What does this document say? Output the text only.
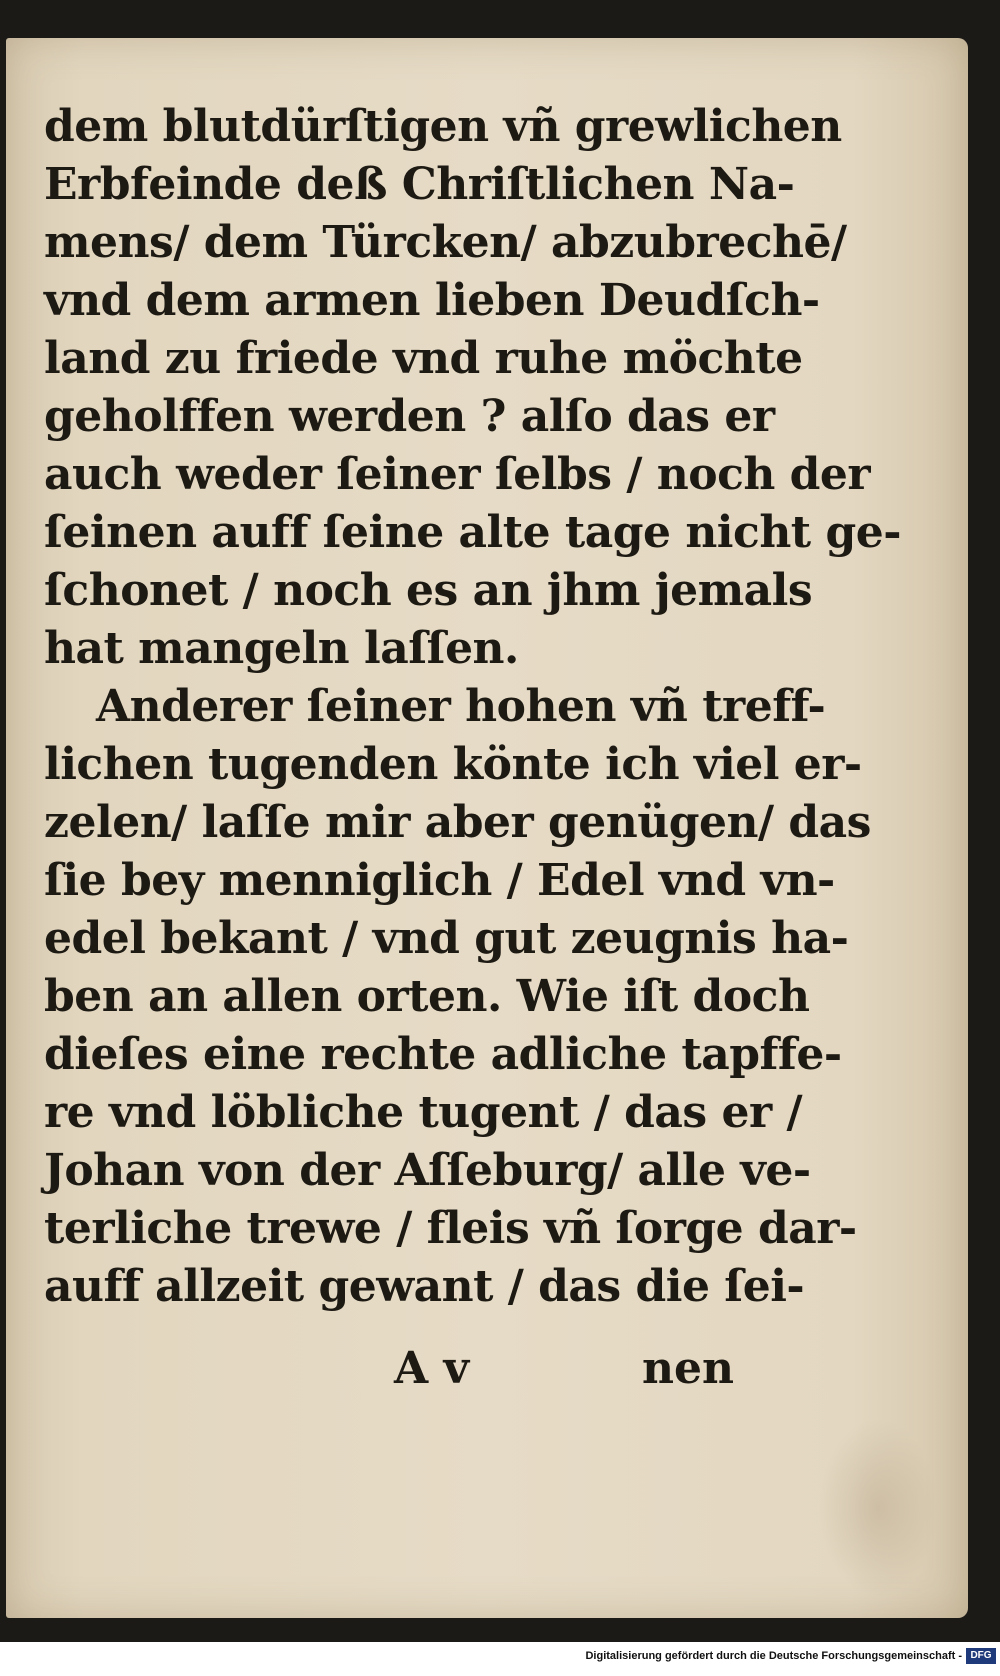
dem blutdürſtigen vñ grewlichen
Erbfeinde deß Chriſtlichen Na-
mens/ dem Türcken/ abzubrechē/
vnd dem armen lieben Deudſch-
land zu friede vnd ruhe möchte
geholffen werden ? alſo das er
auch weder ſeiner ſelbs / noch der
ſeinen auff ſeine alte tage nicht ge-
ſchonet / noch es an jhm jemals
hat mangeln laſſen.
Anderer ſeiner hohen vñ treff-
lichen tugenden könte ich viel er-
zelen/ laſſe mir aber genügen/ das
ſie bey menniglich / Edel vnd vn-
edel bekant / vnd gut zeugnis ha-
ben an allen orten. Wie iſt doch
dieſes eine rechte adliche tapffe-
re vnd löbliche tugent / das er /
Johan von der Aſſeburg/ alle ve-
terliche trewe / fleis vñ ſorge dar-
auff allzeit gewant / das die ſei-
A v	nen
Digitalisierung gefördert durch die Deutsche Forschungsgemeinschaft - DFG
